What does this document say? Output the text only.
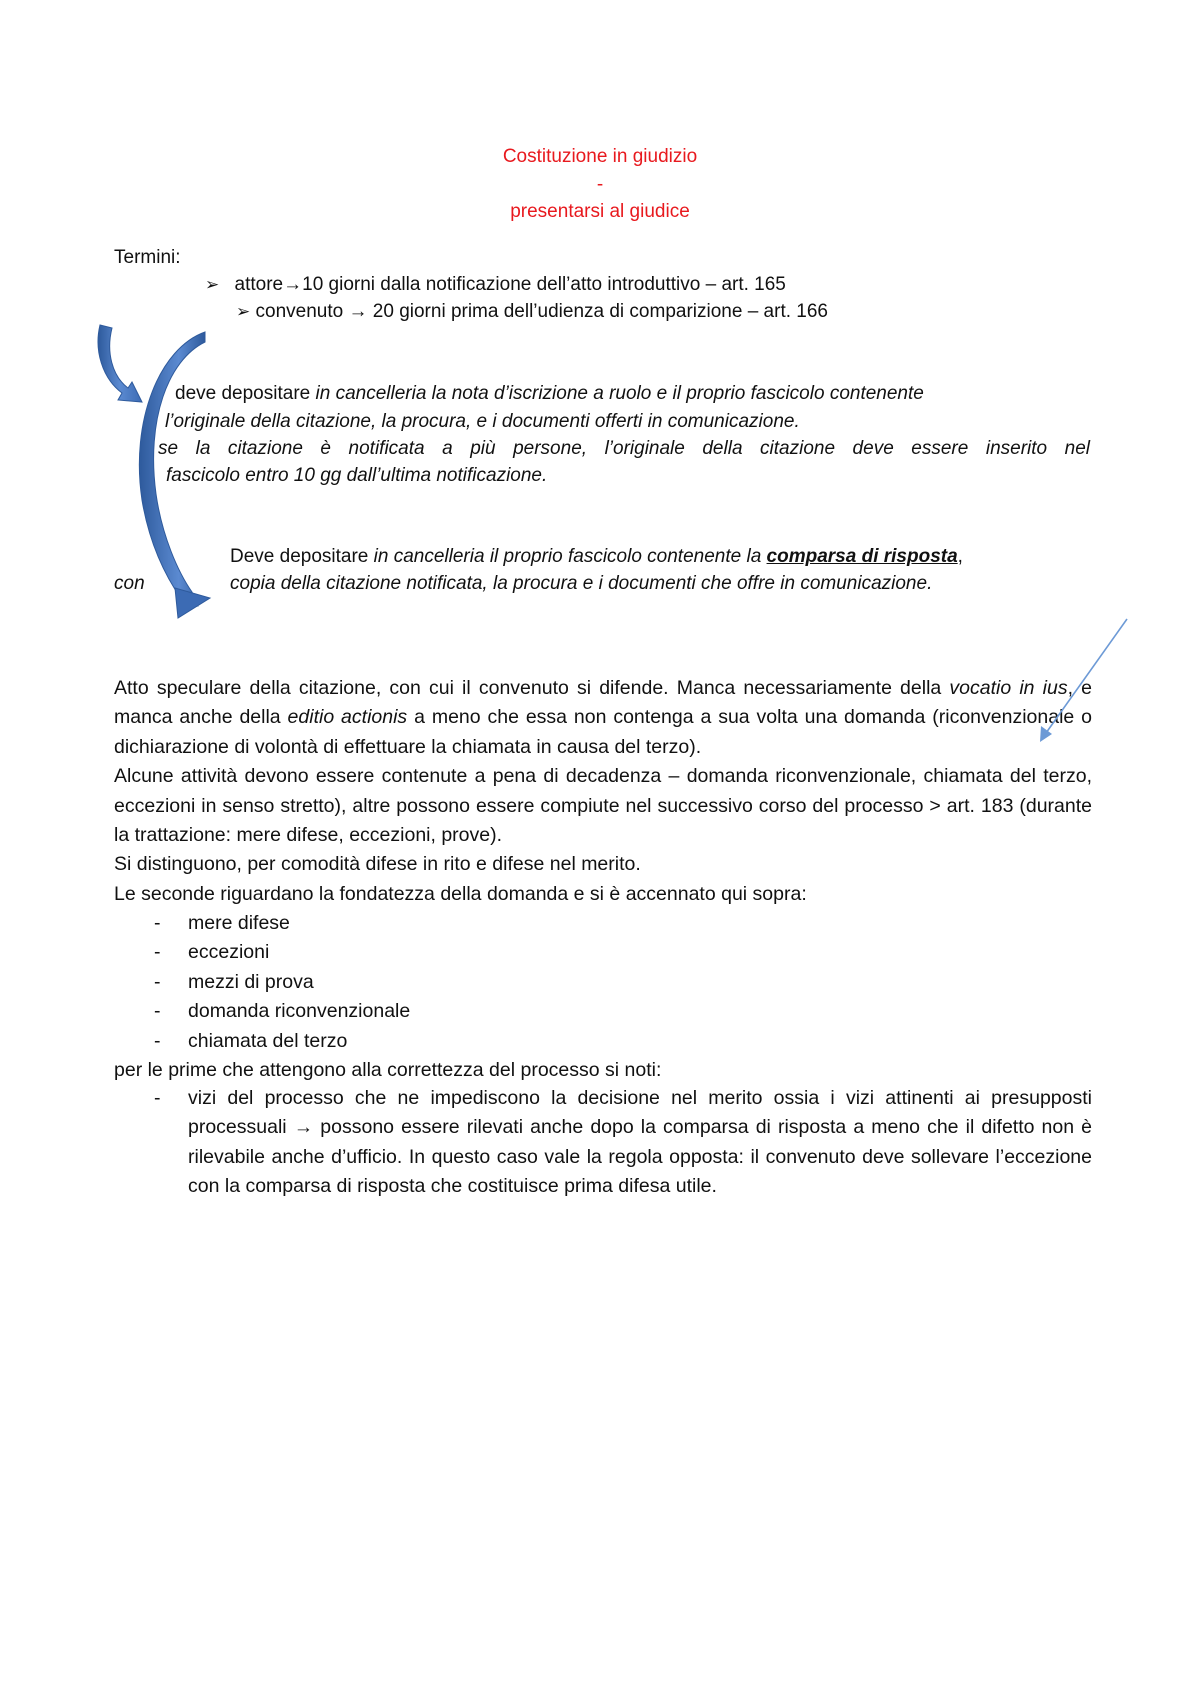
Costituzione in giudizio
-
presentarsi al giudice
Termini:
➢ attore→10 giorni dalla notificazione dell’atto introduttivo – art. 165
➢ convenuto → 20 giorni prima dell’udienza di comparizione – art. 166
deve depositare in cancelleria la nota d’iscrizione a ruolo e il proprio fascicolo contenente
l’originale della citazione, la procura, e i documenti offerti in comunicazione.
se la citazione è notificata a più persone, l’originale della citazione deve essere inserito nel
fascicolo entro 10 gg dall’ultima notificazione.
Deve depositare in cancelleria il proprio fascicolo contenente la comparsa di risposta,
con	copia della citazione notificata, la procura e i documenti che offre in comunicazione.

Atto speculare della citazione, con cui il convenuto si difende. Manca necessariamente della vocatio in ius, e manca anche della editio actionis a meno che essa non contenga a sua volta una domanda (riconvenzionale o dichiarazione di volontà di effettuare la chiamata in causa del terzo).

Alcune attività devono essere contenute a pena di decadenza – domanda riconvenzionale, chiamata del terzo, eccezioni in senso stretto), altre possono essere compiute nel successivo corso del processo > art. 183 (durante la trattazione: mere difese, eccezioni, prove).

Si distinguono, per comodità difese in rito e difese nel merito.

Le seconde riguardano la fondatezza della domanda e si è accennato qui sopra:

- mere difese
- eccezioni
- mezzi di prova
- domanda riconvenzionale
- chiamata del terzo
per le prime che attengono alla correttezza del processo si noti:
- vizi del processo che ne impediscono la decisione nel merito ossia i vizi attinenti ai presupposti processuali → possono essere rilevati anche dopo la comparsa di risposta a meno che il difetto non è rilevabile anche d’ufficio. In questo caso vale la regola opposta: il convenuto deve sollevare l’eccezione con la comparsa di risposta che costituisce prima difesa utile.
